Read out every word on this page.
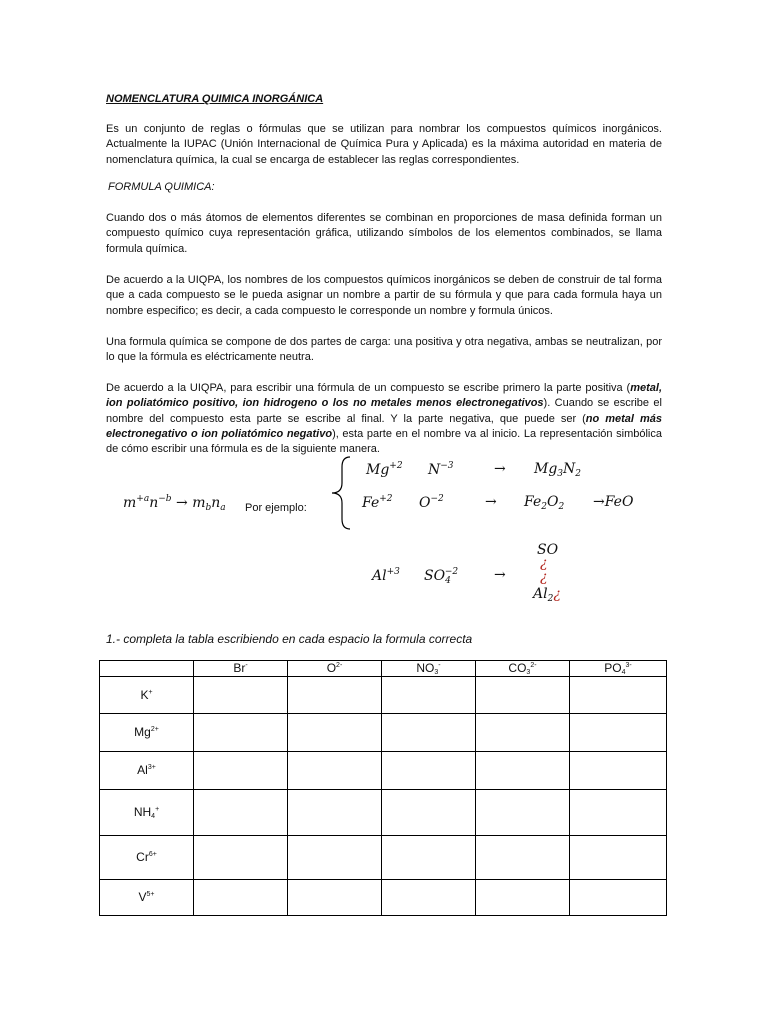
NOMENCLATURA QUIMICA INORGÁNICA

Es un conjunto de reglas o fórmulas que se utilizan para nombrar los compuestos químicos inorgánicos. Actualmente la IUPAC (Unión Internacional de Química Pura y Aplicada) es la máxima autoridad en materia de nomenclatura química, la cual se encarga de establecer las reglas correspondientes.

FORMULA QUIMICA:

Cuando dos o más átomos de elementos diferentes se combinan en proporciones de masa definida forman un compuesto químico cuya representación gráfica, utilizando símbolos de los elementos combinados, se llama formula química.

De acuerdo a la UIQPA, los nombres de los compuestos químicos inorgánicos se deben de construir de tal forma que a cada compuesto se le pueda asignar un nombre a partir de su fórmula y que para cada formula haya un nombre especifico; es decir, a cada compuesto le corresponde un nombre y formula únicos.

Una formula química se compone de dos partes de carga: una positiva y otra negativa, ambas se neutralizan, por lo que la fórmula es eléctricamente neutra.

De acuerdo a la UIQPA, para escribir una fórmula de un compuesto se escribe primero la parte positiva (metal, ion poliatómico positivo, ion hidrogeno o los no metales menos electronegativos). Cuando se escribe el nombre del compuesto esta parte se escribe al final. Y la parte negativa, que puede ser (no metal más electronegativo o ion poliatómico negativo), esta parte en el nombre va al inicio. La representación simbólica de cómo escribir una fórmula es de la siguiente manera.

$m^{+a}n^{-b} \to m_bn_a$ Por ejemplo:
$Mg^{+2}$ $N^{-3}$	→ $Mg_3N_2$
$Fe^{+2}$ $O^{-2}$	→ $Fe_2O_2 \to FeO$
$Al^{+3}$ $SO_4^{-2}$	→
SO
¿
¿
$Al_2¿$
1.- completa la tabla escribiendo en cada espacio la formula correcta
	Br-	$O^{2-}$	$NO_3^-$	$CO_3^{2-}$	$PO_4^{3-}$
K+					
$Mg^{2+}$					
$Al^{3+}$					
$NH_4^+$					
$Cr^{6+}$					
$V^{5+}$					
